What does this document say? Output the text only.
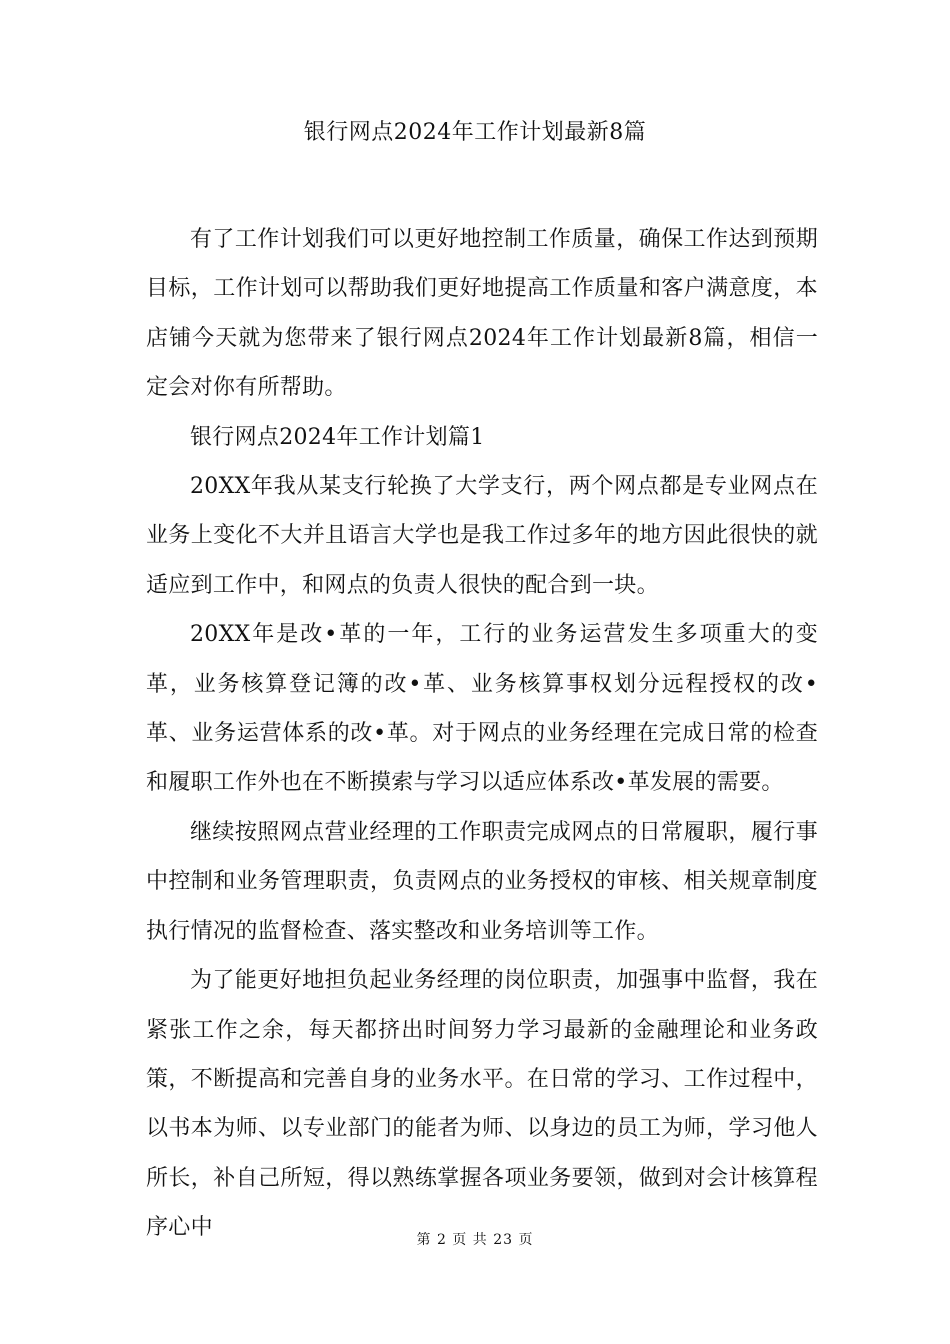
银行网点2024年工作计划最新8篇

有了工作计划我们可以更好地控制工作质量，确保工作达到预期目标，工作计划可以帮助我们更好地提高工作质量和客户满意度，本店铺今天就为您带来了银行网点2024年工作计划最新8篇，相信一定会对你有所帮助。

银行网点2024年工作计划篇1

20XX年我从某支行轮换了大学支行，两个网点都是专业网点在业务上变化不大并且语言大学也是我工作过多年的地方因此很快的就适应到工作中，和网点的负责人很快的配合到一块。

20XX年是改•革的一年，工行的业务运营发生多项重大的变革，业务核算登记簿的改•革、业务核算事权划分远程授权的改•革、业务运营体系的改•革。对于网点的业务经理在完成日常的检查和履职工作外也在不断摸索与学习以适应体系改•革发展的需要。

继续按照网点营业经理的工作职责完成网点的日常履职，履行事中控制和业务管理职责，负责网点的业务授权的审核、相关规章制度执行情况的监督检查、落实整改和业务培训等工作。

为了能更好地担负起业务经理的岗位职责，加强事中监督，我在紧张工作之余，每天都挤出时间努力学习最新的金融理论和业务政策，不断提高和完善自身的业务水平。在日常的学习、工作过程中，以书本为师、以专业部门的能者为师、以身边的员工为师，学习他人所长，补自己所短，得以熟练掌握各项业务要领，做到对会计核算程序心中	第 2 页 共 23 页
